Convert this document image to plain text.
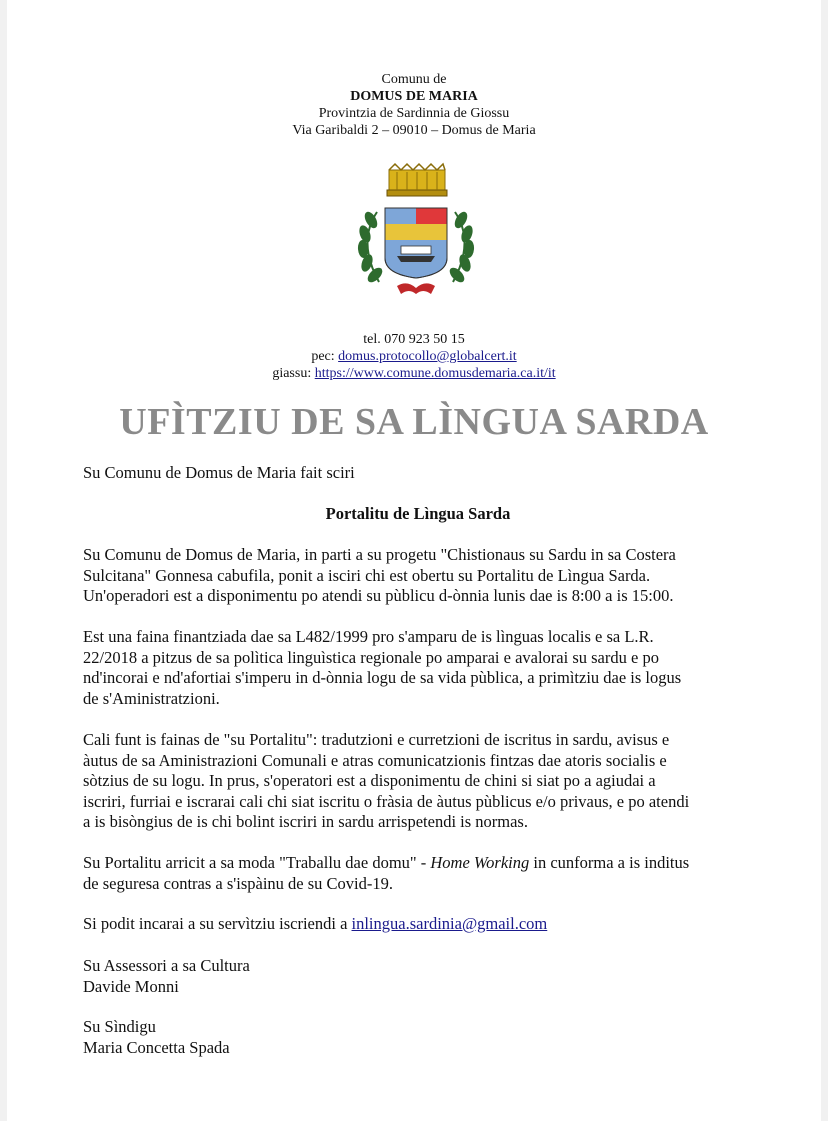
Comunu de
DOMUS DE MARIA
Provintzia de Sardinnia de Giossu
Via Garibaldi 2 – 09010 – Domus de Maria
tel. 070 923 50 15
pec: domus.protocollo@globalcert.it
giassu: https://www.comune.domusdemaria.ca.it/it
UFÌTZIU DE SA LÌNGUA SARDA
Su Comunu de Domus de Maria fait sciri
Portalitu de Lìngua Sarda
Su Comunu de Domus de Maria, in parti a su progetu "Chistionaus su Sardu in sa Costera
Sulcitana" Gonnesa cabufila, ponit a isciri chi est obertu su Portalitu de Lìngua Sarda.
Un'operadori est a disponimentu po atendi su pùblicu d-ònnia lunis dae is 8:00 a is 15:00.
Est una faina finantziada dae sa L482/1999 pro s'amparu de is lìnguas localis e sa L.R.
22/2018 a pitzus de sa polìtica linguìstica regionale po amparai e avalorai su sardu e po
nd'incorai e nd'afortiai s'imperu in d-ònnia logu de sa vida pùblica, a primìtziu dae is logus
de s'Aministratzioni.
Cali funt is fainas de "su Portalitu": tradutzioni e curretzioni de iscritus in sardu, avisus e
àutus de sa Aministrazioni Comunali e atras comunicatzionis fintzas dae atoris socialis e
sòtzius de su logu. In prus, s'operatori est a disponimentu de chini si siat po a agiudai a
iscriri, furriai e iscrarai cali chi siat iscritu o fràsia de àutus pùblicus e/o privaus, e po atendi
a is bisòngius de is chi bolint iscriri in sardu arrispetendi is normas.
Su Portalitu arricit a sa moda "Traballu dae domu" - Home Working in cunforma a is inditus
de seguresa contras a s'ispàinu de su Covid-19.
Si podit incarai a su servìtziu iscriendi a inlingua.sardinia@gmail.com
Su Assessori a sa Cultura
Davide Monni
Su Sìndigu
Maria Concetta Spada
